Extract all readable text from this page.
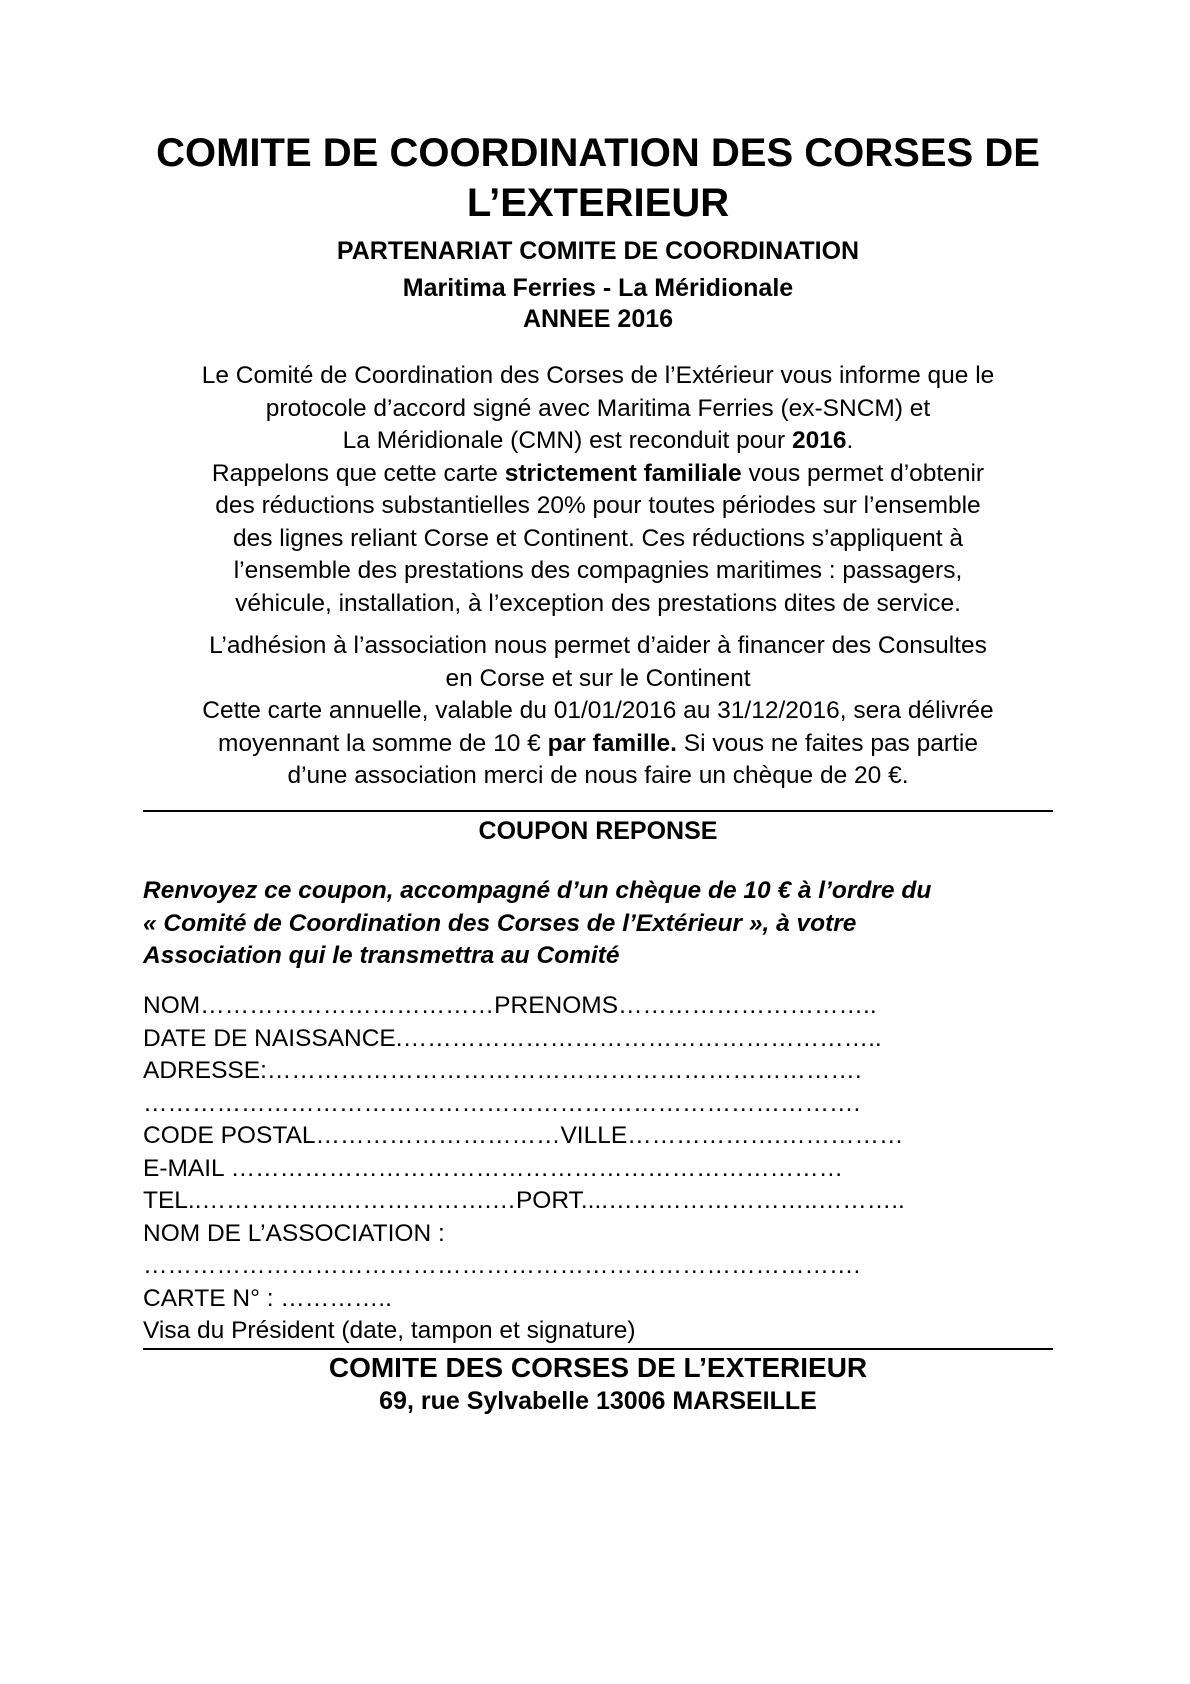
COMITE DE COORDINATION DES CORSES DE
L’EXTERIEUR
PARTENARIAT COMITE DE COORDINATION
Maritima Ferries - La Méridionale
ANNEE 2016
Le Comité de Coordination des Corses de l’Extérieur vous informe que le
protocole d’accord signé avec Maritima Ferries (ex-SNCM) et
La Méridionale (CMN) est reconduit pour 2016.
Rappelons que cette carte strictement familiale vous permet d’obtenir
des réductions substantielles 20% pour toutes périodes sur l’ensemble
des lignes reliant Corse et Continent. Ces réductions s’appliquent à
l’ensemble des prestations des compagnies maritimes : passagers,
véhicule, installation, à l’exception des prestations dites de service.
L’adhésion à l’association nous permet d’aider à financer des Consultes
en Corse et sur le Continent
Cette carte annuelle, valable du 01/01/2016 au 31/12/2016, sera délivrée
moyennant la somme de 10 € par famille. Si vous ne faites pas partie
d’une association merci de nous faire un chèque de 20 €.
COUPON REPONSE
Renvoyez ce coupon, accompagné d’un chèque de 10 € à l’ordre du
« Comité de Coordination des Corses de l’Extérieur », à votre
Association qui le transmettra au Comité
NOM………………………………PRENOMS…………………………..
DATE DE NAISSANCE.…………………………………………………..
ADRESSE:……………………………………………………………….
…………………………………………………………………………….
CODE POSTAL…………………………VILLE……………….……………
E-MAIL …………………………………………………………………
TEL..……………..……………….…PORT....……………………..………..
NOM DE L’ASSOCIATION :
…………………………………………………………………………….
CARTE N° : …………..
Visa du Président (date, tampon et signature)
COMITE DES CORSES DE L’EXTERIEUR
69, rue Sylvabelle 13006 MARSEILLE
